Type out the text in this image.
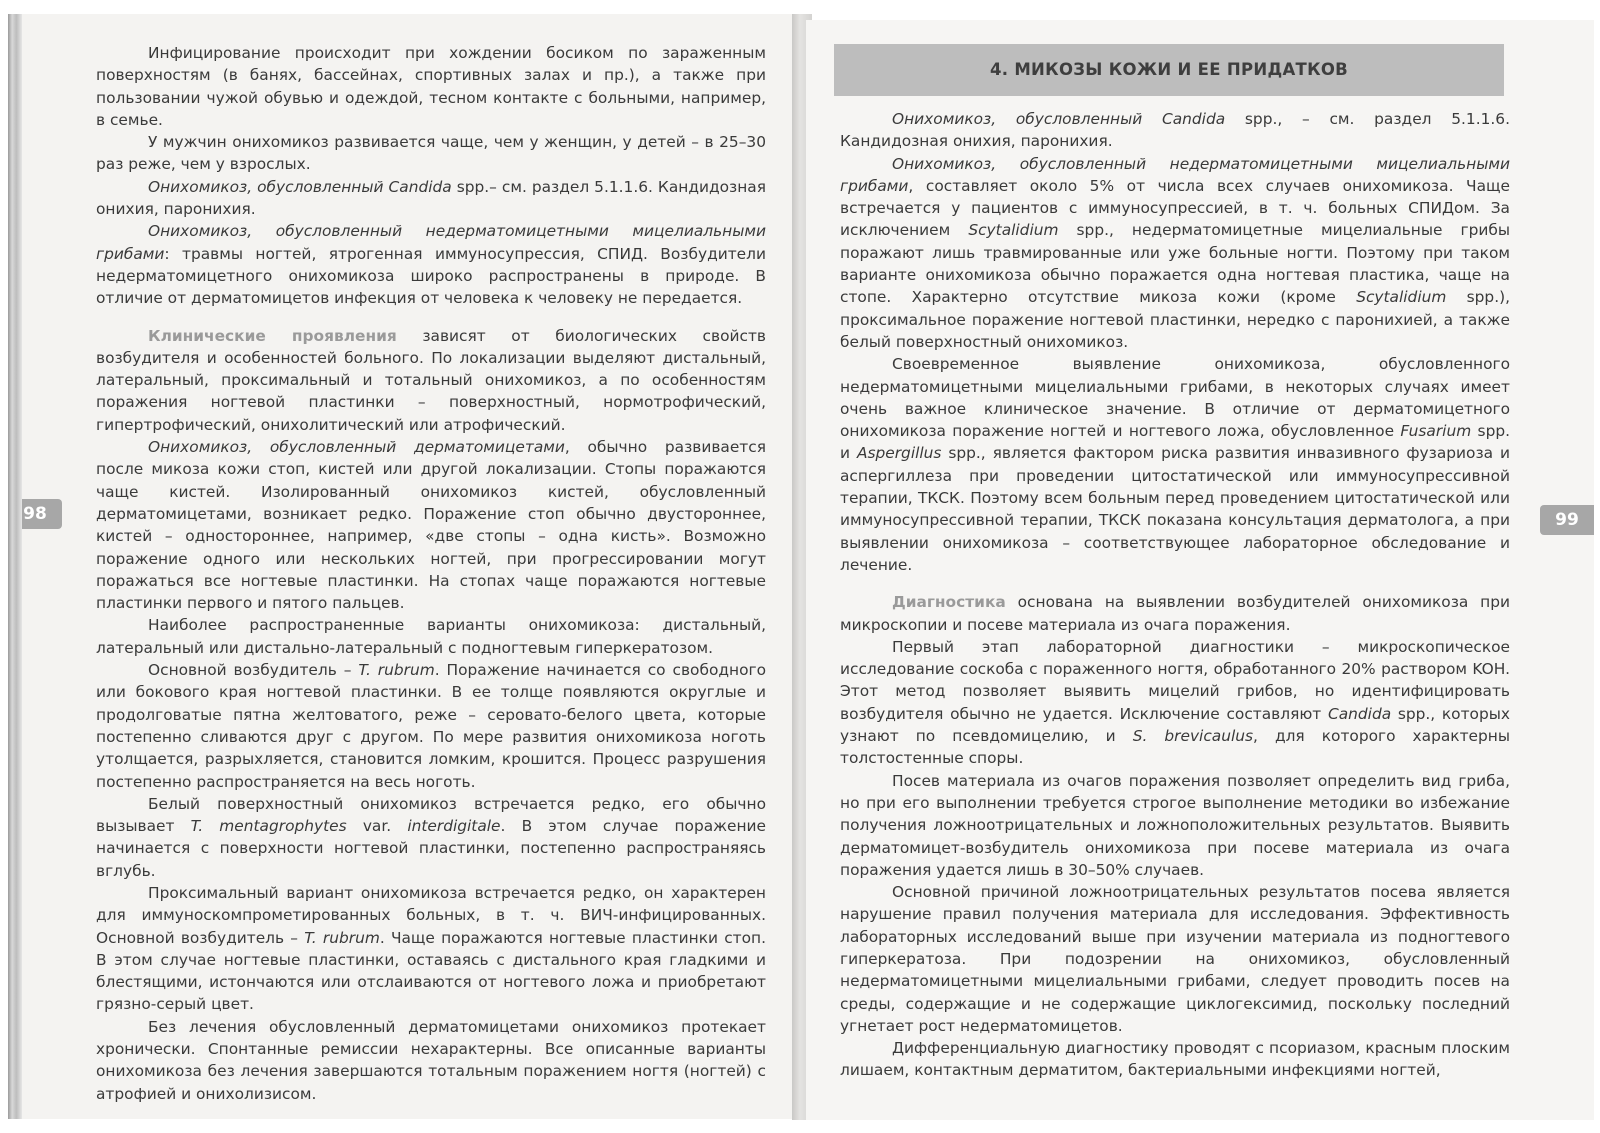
98

Инфицирование происходит при хождении босиком по зараженным поверхностям (в банях, бассейнах, спортивных залах и пр.), а также при пользовании чужой обувью и одеждой, тесном контакте с больными, например, в семье.

У мужчин онихомикоз развивается чаще, чем у женщин, у детей – в 25–30 раз реже, чем у взрослых.

Онихомикоз, обусловленный Candida spp.– см. раздел 5.1.1.6. Кандидозная онихия, паронихия.

Онихомикоз, обусловленный недерматомицетными мицелиальными грибами: травмы ногтей, ятрогенная иммуносупрессия, СПИД. Возбудители недерматомицетного онихомикоза широко распространены в природе. В отличие от дерматомицетов инфекция от человека к человеку не передается.

Клинические проявления зависят от биологических свойств возбудителя и особенностей больного. По локализации выделяют дистальный, латеральный, проксимальный и тотальный онихомикоз, а по особенностям поражения ногтевой пластинки – поверхностный, нормотрофический, гипертрофический, онихолитический или атрофический.

Онихомикоз, обусловленный дерматомицетами, обычно развивается после микоза кожи стоп, кистей или другой локализации. Стопы поражаются чаще кистей. Изолированный онихомикоз кистей, обусловленный дерматомицетами, возникает редко. Поражение стоп обычно двустороннее, кистей – одностороннее, например, «две стопы – одна кисть». Возможно поражение одного или нескольких ногтей, при прогрессировании могут поражаться все ногтевые пластинки. На стопах чаще поражаются ногтевые пластинки первого и пятого пальцев.

Наиболее распространенные варианты онихомикоза: дистальный, латеральный или дистально-латеральный с подногтевым гиперкератозом.

Основной возбудитель – T. rubrum. Поражение начинается со свободного или бокового края ногтевой пластинки. В ее толще появляются округлые и продолговатые пятна желтоватого, реже – серовато-белого цвета, которые постепенно сливаются друг с другом. По мере развития онихомикоза ноготь утолщается, разрыхляется, становится ломким, крошится. Процесс разрушения постепенно распространяется на весь ноготь.

Белый поверхностный онихомикоз встречается редко, его обычно вызывает T. mentagrophytes var. interdigitale. В этом случае поражение начинается с поверхности ногтевой пластинки, постепенно распространяясь вглубь.

Проксимальный вариант онихомикоза встречается редко, он характерен для иммуноскомпрометированных больных, в т. ч. ВИЧ-инфицированных. Основной возбудитель – T. rubrum. Чаще поражаются ногтевые пластинки стоп. В этом случае ногтевые пластинки, оставаясь с дистального края гладкими и блестящими, истончаются или отслаиваются от ногтевого ложа и приобретают грязно-серый цвет.

Без лечения обусловленный дерматомицетами онихомикоз протекает хронически. Спонтанные ремиссии нехарактерны. Все описанные варианты онихомикоза без лечения завершаются тотальным поражением ногтя (ногтей) с атрофией и онихолизисом.

4. МИКОЗЫ КОЖИ И ЕЕ ПРИДАТКОВ
99

Онихомикоз, обусловленный Candida spp., – см. раздел 5.1.1.6. Кандидозная онихия, паронихия.

Онихомикоз, обусловленный недерматомицетными мицелиальными грибами, составляет около 5% от числа всех случаев онихомикоза. Чаще встречается у пациентов с иммуносупрессией, в т. ч. больных СПИДом. За исключением Scytalidium spp., недерматомицетные мицелиальные грибы поражают лишь травмированные или уже больные ногти. Поэтому при таком варианте онихомикоза обычно поражается одна ногтевая пластика, чаще на стопе. Характерно отсутствие микоза кожи (кроме Scytalidium spp.), проксимальное поражение ногтевой пластинки, нередко с паронихией, а также белый поверхностный онихомикоз.

Своевременное выявление онихомикоза, обусловленного недерматомицетными мицелиальными грибами, в некоторых случаях имеет очень важное клиническое значение. В отличие от дерматомицетного онихомикоза поражение ногтей и ногтевого ложа, обусловленное Fusarium spp. и Aspergillus spp., является фактором риска развития инвазивного фузариоза и аспергиллеза при проведении цитостатической или иммуносупрессивной терапии, ТКСК. Поэтому всем больным перед проведением цитостатической или иммуносупрессивной терапии, ТКСК показана консультация дерматолога, а при выявлении онихомикоза – соответствующее лабораторное обследование и лечение.

Диагностика основана на выявлении возбудителей онихомикоза при микроскопии и посеве материала из очага поражения.

Первый этап лабораторной диагностики – микроскопическое исследование соскоба с пораженного ногтя, обработанного 20% раствором KOH. Этот метод позволяет выявить мицелий грибов, но идентифицировать возбудителя обычно не удается. Исключение составляют Candida spp., которых узнают по псевдомицелию, и S. brevicaulus, для которого характерны толстостенные споры.

Посев материала из очагов поражения позволяет определить вид гриба, но при его выполнении требуется строгое выполнение методики во избежание получения ложноотрицательных и ложноположительных результатов. Выявить дерматомицет-возбудитель онихомикоза при посеве материала из очага поражения удается лишь в 30–50% случаев.

Основной причиной ложноотрицательных результатов посева является нарушение правил получения материала для исследования. Эффективность лабораторных исследований выше при изучении материала из подногтевого гиперкератоза. При подозрении на онихомикоз, обусловленный недерматомицетными мицелиальными грибами, следует проводить посев на среды, содержащие и не содержащие циклогексимид, поскольку последний угнетает рост недерматомицетов.

Дифференциальную диагностику проводят с псориазом, красным плоским лишаем, контактным дерматитом, бактериальными инфекциями ногтей,
